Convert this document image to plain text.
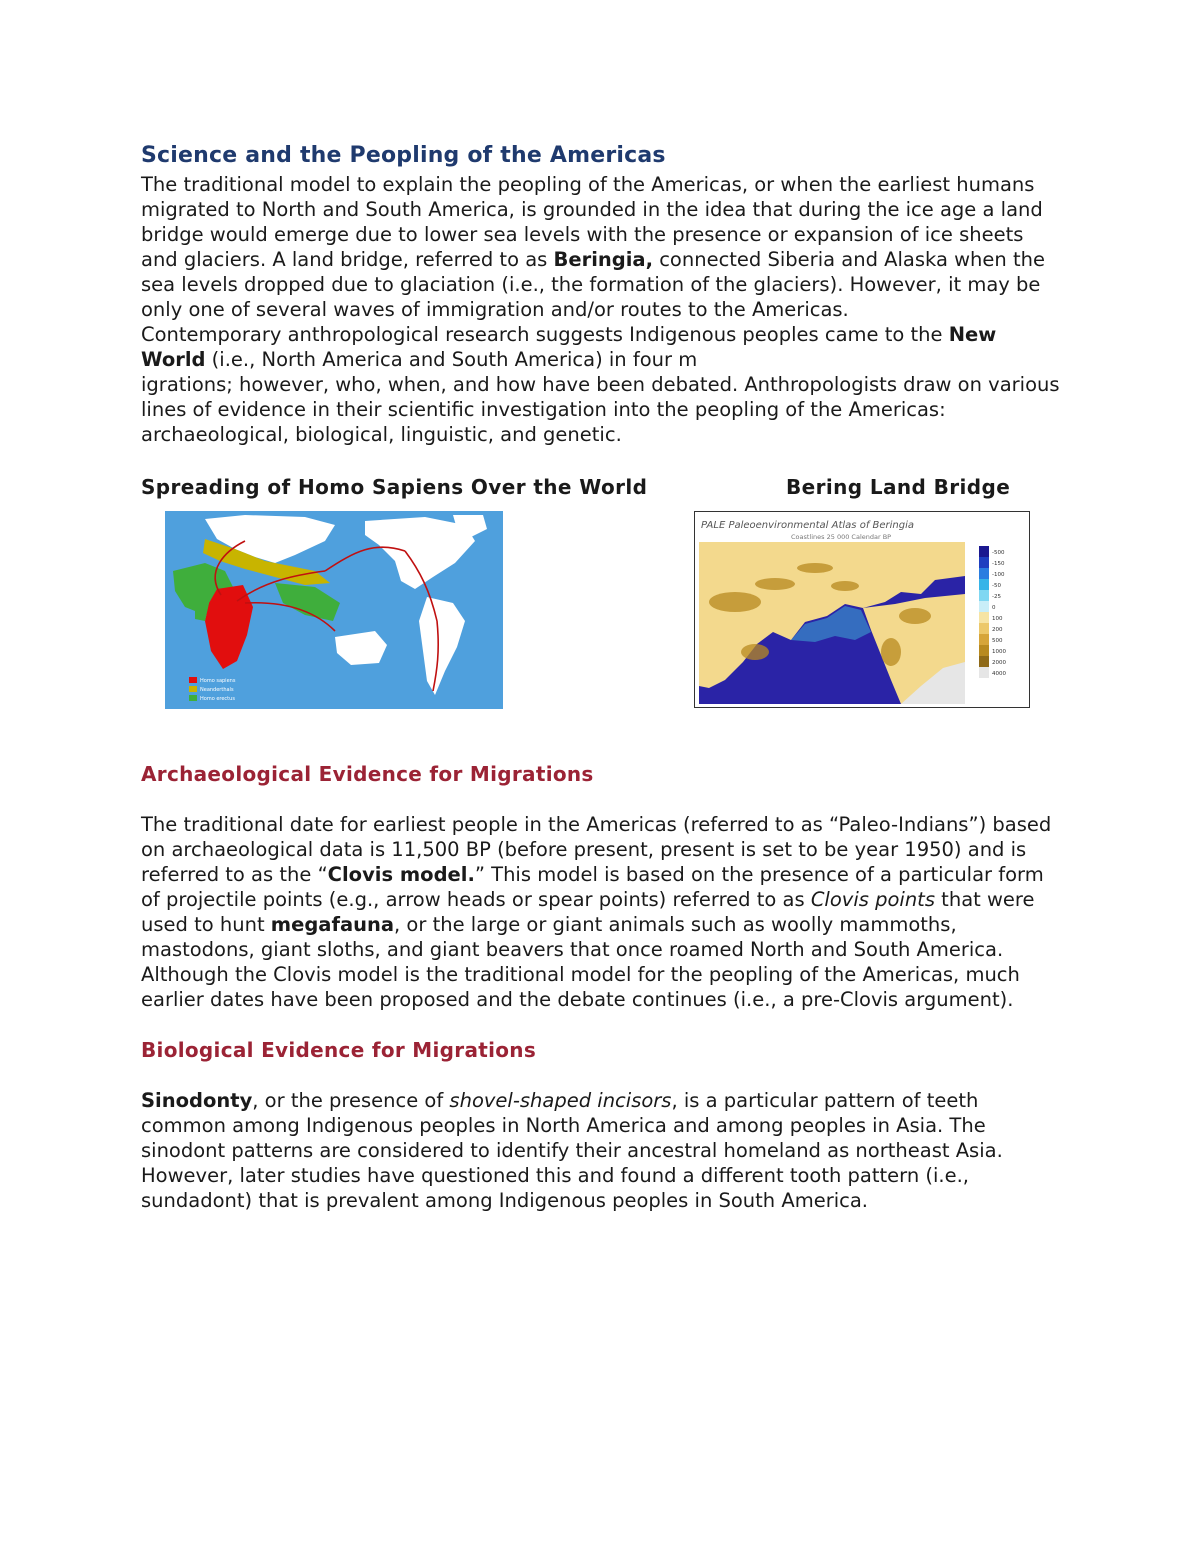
Science and the Peopling of the Americas

The traditional model to explain the peopling of the Americas, or when the earliest humans migrated to North and South America, is grounded in the idea that during the ice age a land bridge would emerge due to lower sea levels with the presence or expansion of ice sheets and glaciers. A land bridge, referred to as Beringia, connected Siberia and Alaska when the sea levels dropped due to glaciation (i.e., the formation of the glaciers). However, it may be only one of several waves of immigration and/or routes to the Americas.

Contemporary anthropological research suggests Indigenous peoples came to the New World (i.e., North America and South America) in four m

igrations; however, who, when, and how have been debated. Anthropologists draw on various lines of evidence in their scientific investigation into the peopling of the Americas: archaeological, biological, linguistic, and genetic.

Spreading of Homo Sapiens Over the World	Bering Land Bridge
Homo sapiens
Neanderthals
Homo erectus
PALE Paleoenvironmental Atlas of Beringia
Coastlines 25 000 Calendar BP
-500
-150
-100
-50
-25
0
100
200
500
1000
2000
4000
Archaeological Evidence for Migrations

The traditional date for earliest people in the Americas (referred to as “Paleo-Indians”) based on archaeological data is 11,500 BP (before present, present is set to be year 1950) and is referred to as the “Clovis model.” This model is based on the presence of a particular form of projectile points (e.g., arrow heads or spear points) referred to as Clovis points that were used to hunt megafauna, or the large or giant animals such as woolly mammoths, mastodons, giant sloths, and giant beavers that once roamed North and South America. Although the Clovis model is the traditional model for the peopling of the Americas, much earlier dates have been proposed and the debate continues (i.e., a pre-Clovis argument).

Biological Evidence for Migrations

Sinodonty, or the presence of shovel-shaped incisors, is a particular pattern of teeth common among Indigenous peoples in North America and among peoples in Asia. The sinodont patterns are considered to identify their ancestral homeland as northeast Asia. However, later studies have questioned this and found a different tooth pattern (i.e., sundadont) that is prevalent among Indigenous peoples in South America.
